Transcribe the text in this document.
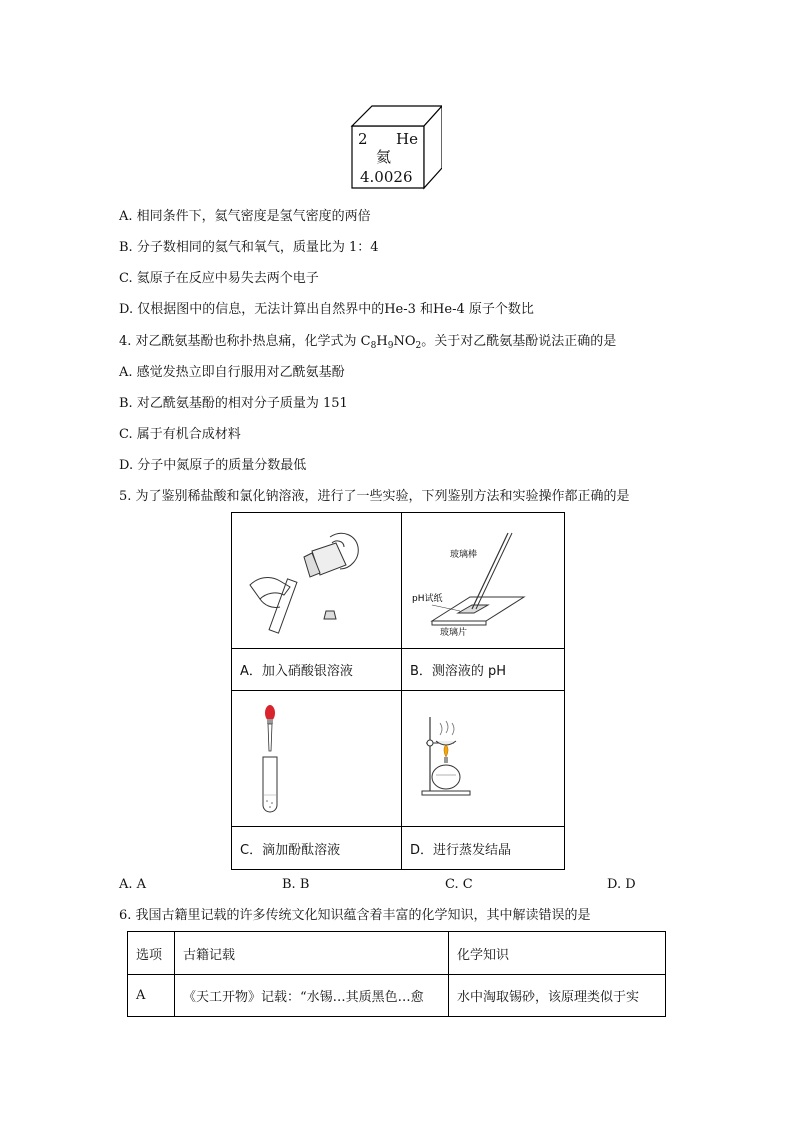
2 He
氦
4.0026
A. 相同条件下，氦气密度是氢气密度的两倍
B. 分子数相同的氦气和氧气，质量比为 1：4
C. 氦原子在反应中易失去两个电子
D. 仅根据图中的信息，无法计算出自然界中的He-3 和He-4 原子个数比
4. 对乙酰氨基酚也称扑热息痛，化学式为 $C_8H_9NO_2$。关于对乙酰氨基酚说法正确的是
A. 感觉发热立即自行服用对乙酰氨基酚
B. 对乙酰氨基酚的相对分子质量为 151
C. 属于有机合成材料
D. 分子中氮原子的质量分数最低
5. 为了鉴别稀盐酸和氯化钠溶液，进行了一些实验，下列鉴别方法和实验操作都正确的是
玻璃棒
pH试纸
玻璃片
A．加入硝酸银溶液	B．测溶液的 pH
C．滴加酚酞溶液	D．进行蒸发结晶
A. A	B. B	C. C	D. D
6. 我国古籍里记载的许多传统文化知识蕴含着丰富的化学知识，其中解读错误的是
选项	古籍记载	化学知识
A	《天工开物》记载：“水锡…其质黑色…愈	水中淘取锡砂，该原理类似于实
